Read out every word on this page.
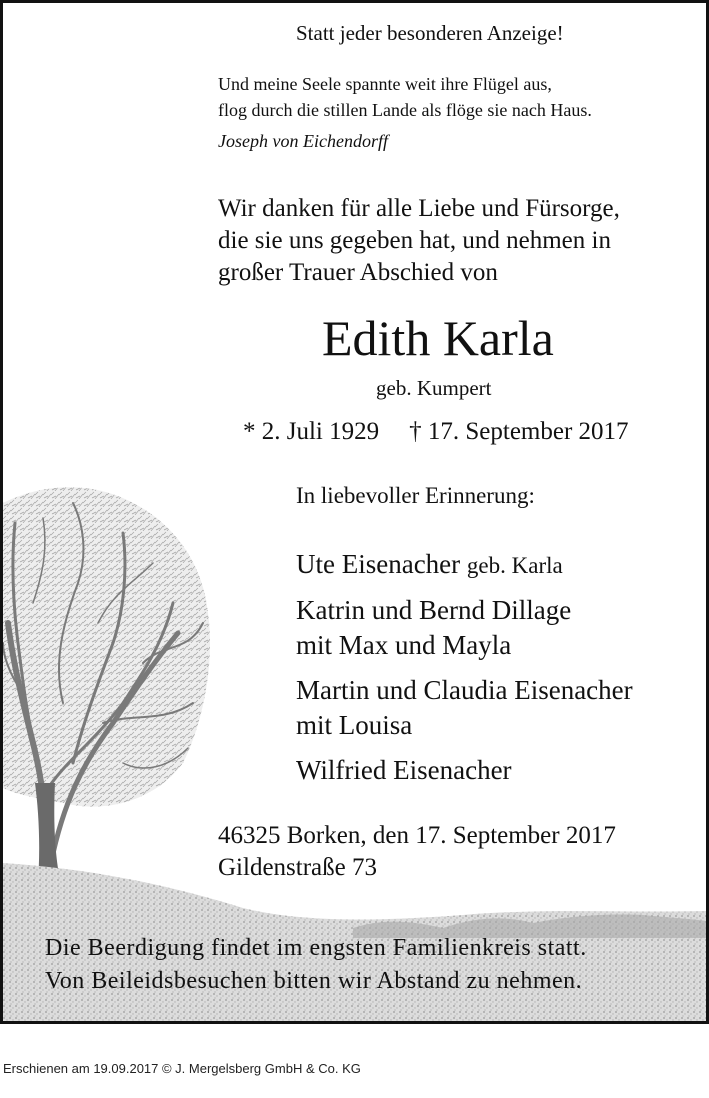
Statt jeder besonderen Anzeige!
Und meine Seele spannte weit ihre Flügel aus,
flog durch die stillen Lande als flöge sie nach Haus.
Joseph von Eichendorff
Wir danken für alle Liebe und Fürsorge,
die sie uns gegeben hat, und nehmen in
großer Trauer Abschied von
Edith Karla
geb. Kumpert
* 2. Juli 1929 † 17. September 2017
In liebevoller Erinnerung:
Ute Eisenacher geb. Karla
Katrin und Bernd Dillage
mit Max und Mayla
Martin und Claudia Eisenacher
mit Louisa
Wilfried Eisenacher
46325 Borken, den 17. September 2017
Gildenstraße 73
Die Beerdigung findet im engsten Familienkreis statt.
Von Beileidsbesuchen bitten wir Abstand zu nehmen.
Erschienen am 19.09.2017 © J. Mergelsberg GmbH & Co. KG
